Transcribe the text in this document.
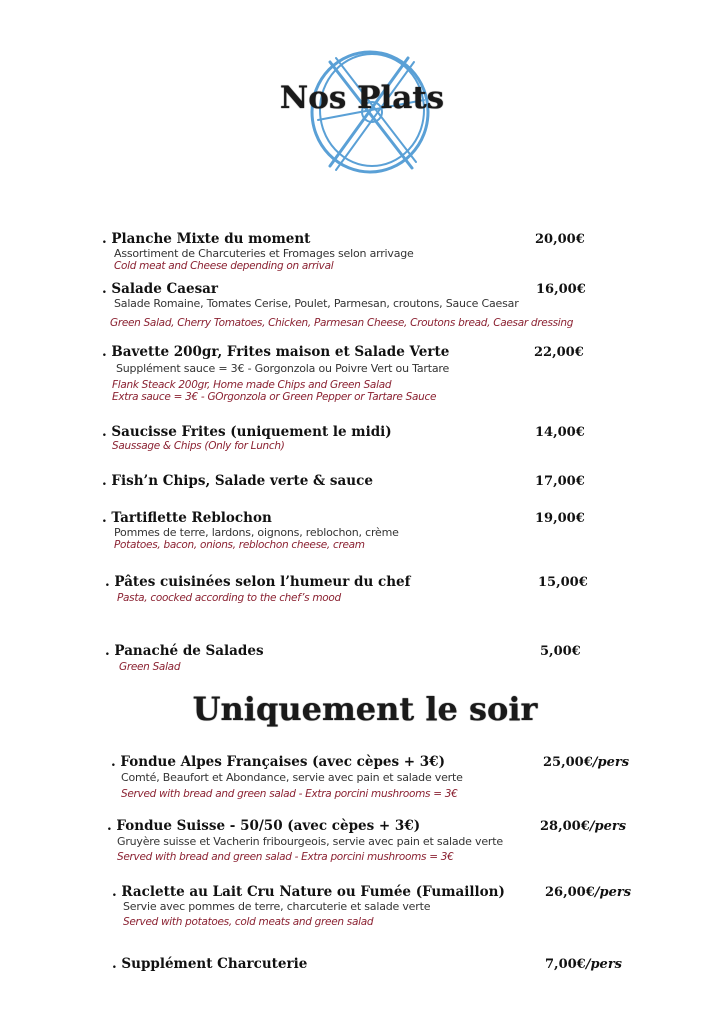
Nos Plats
. Planche Mixte du moment
Assortiment de Charcuteries et Fromages selon arrivage
Cold meat and Cheese depending on arrival
20,00€
. Salade Caesar
Salade Romaine, Tomates Cerise, Poulet, Parmesan, croutons, Sauce Caesar
Green Salad, Cherry Tomatoes, Chicken, Parmesan Cheese, Croutons bread, Caesar dressing
16,00€
. Bavette 200gr, Frites maison et Salade Verte
Supplément sauce = 3€ - Gorgonzola ou Poivre Vert ou Tartare
Flank Steack 200gr, Home made Chips and Green Salad
Extra sauce = 3€ - GOrgonzola or Green Pepper or Tartare Sauce
22,00€
. Saucisse Frites (uniquement le midi)
Saussage & Chips (Only for Lunch)
14,00€
. Fish’n Chips, Salade verte & sauce	17,00€
. Tartiflette Reblochon
Pommes de terre, lardons, oignons, reblochon, crème
Potatoes, bacon, onions, reblochon cheese, cream
19,00€
. Pâtes cuisinées selon l’humeur du chef
Pasta, coocked according to the chef’s mood
15,00€
. Panaché de Salades
Green Salad
5,00€
Uniquement le soir
. Fondue Alpes Françaises (avec cèpes + 3€)
Comté, Beaufort et Abondance, servie avec pain et salade verte
Served with bread and green salad - Extra porcini mushrooms = 3€
25,00€/pers
. Fondue Suisse - 50/50 (avec cèpes + 3€)
Gruyère suisse et Vacherin fribourgeois, servie avec pain et salade verte
Served with bread and green salad - Extra porcini mushrooms = 3€
28,00€/pers
. Raclette au Lait Cru Nature ou Fumée (Fumaillon)
Servie avec pommes de terre, charcuterie et salade verte
Served with potatoes, cold meats and green salad
26,00€/pers
. Supplément Charcuterie	7,00€/pers
